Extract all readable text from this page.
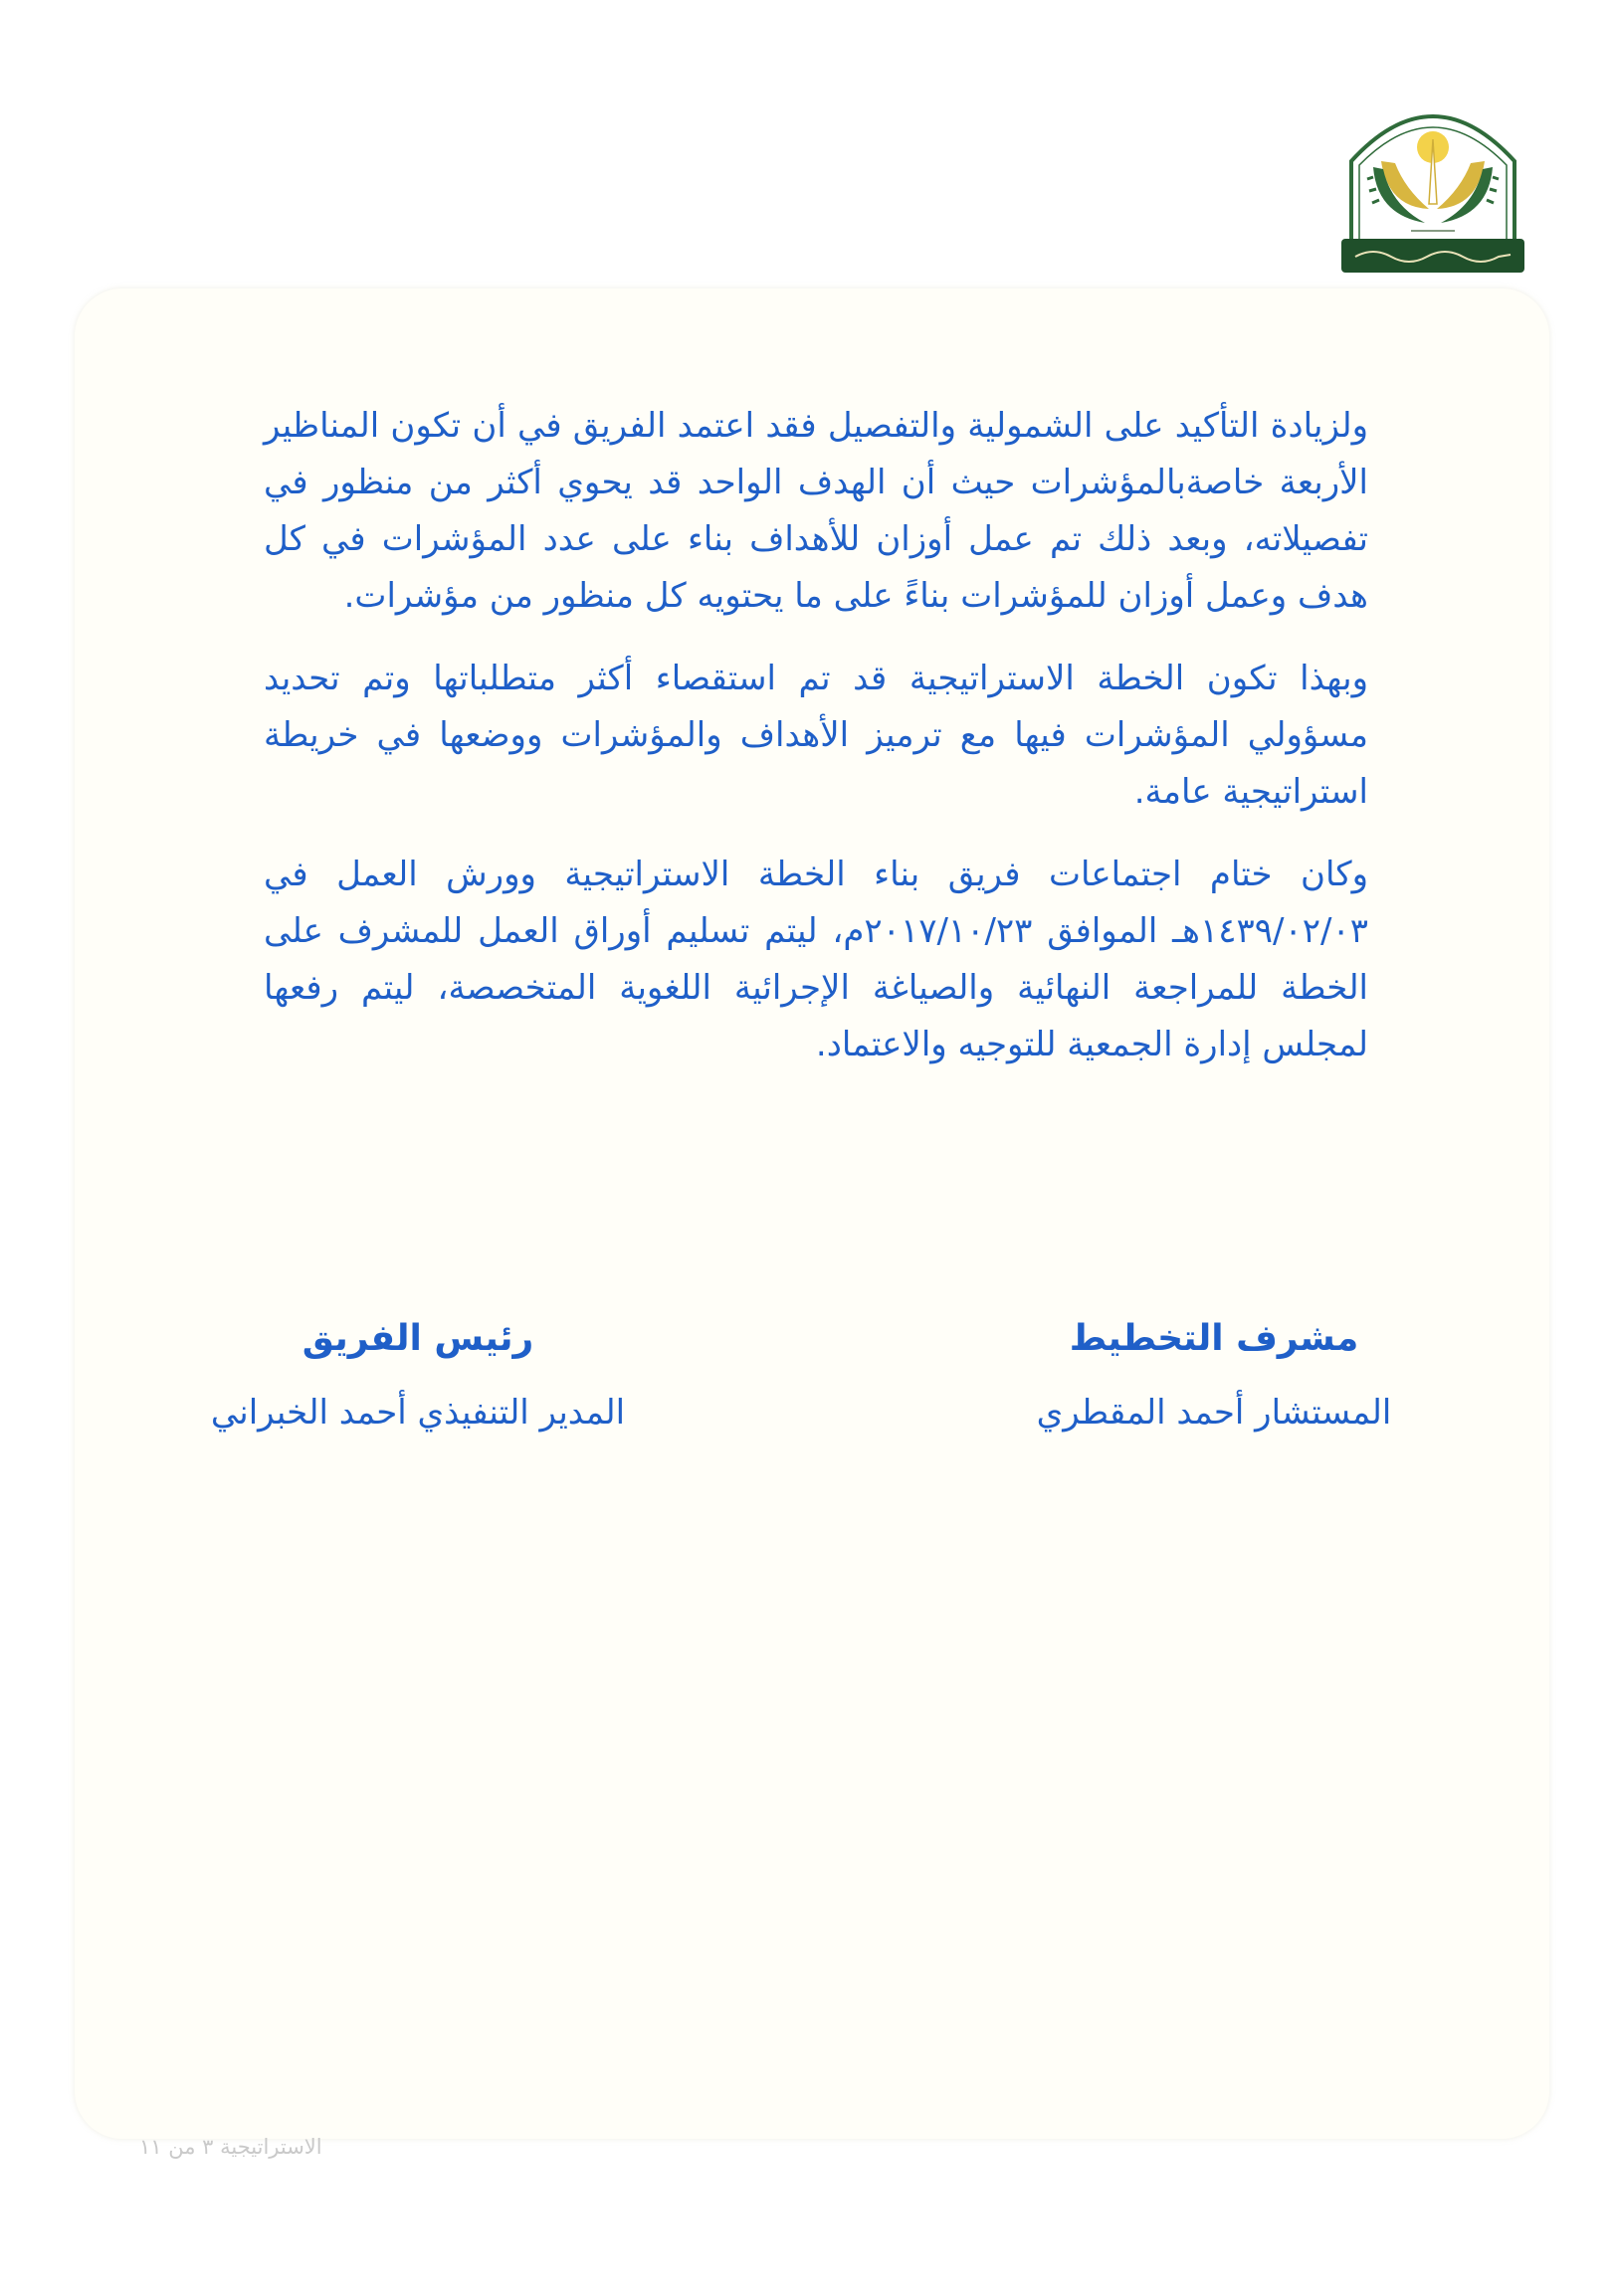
ولزيادة التأكيد على الشمولية والتفصيل فقد اعتمد الفريق في أن تكون المناظير الأربعة خاصةبالمؤشرات حيث أن الهدف الواحد قد يحوي أكثر من منظور في تفصيلاته، وبعد ذلك تم عمل أوزان للأهداف بناء على عدد المؤشرات في كل هدف وعمل أوزان للمؤشرات بناءً على ما يحتويه كل منظور من مؤشرات.

وبهذا تكون الخطة الاستراتيجية قد تم استقصاء أكثر متطلباتها وتم تحديد مسؤولي المؤشرات فيها مع ترميز الأهداف والمؤشرات ووضعها في خريطة استراتيجية عامة.

وكان ختام اجتماعات فريق بناء الخطة الاستراتيجية وورش العمل في ١٤٣٩/٠٢/٠٣هـ الموافق ٢٠١٧/١٠/٢٣م، ليتم تسليم أوراق العمل للمشرف على الخطة للمراجعة النهائية والصياغة الإجرائية اللغوية المتخصصة، ليتم رفعها لمجلس إدارة الجمعية للتوجيه والاعتماد.

مشرف التخطيط
المستشار أحمد المقطري
رئيس الفريق
المدير التنفيذي أحمد الخبراني
الاستراتيجية ٣ من ١١
